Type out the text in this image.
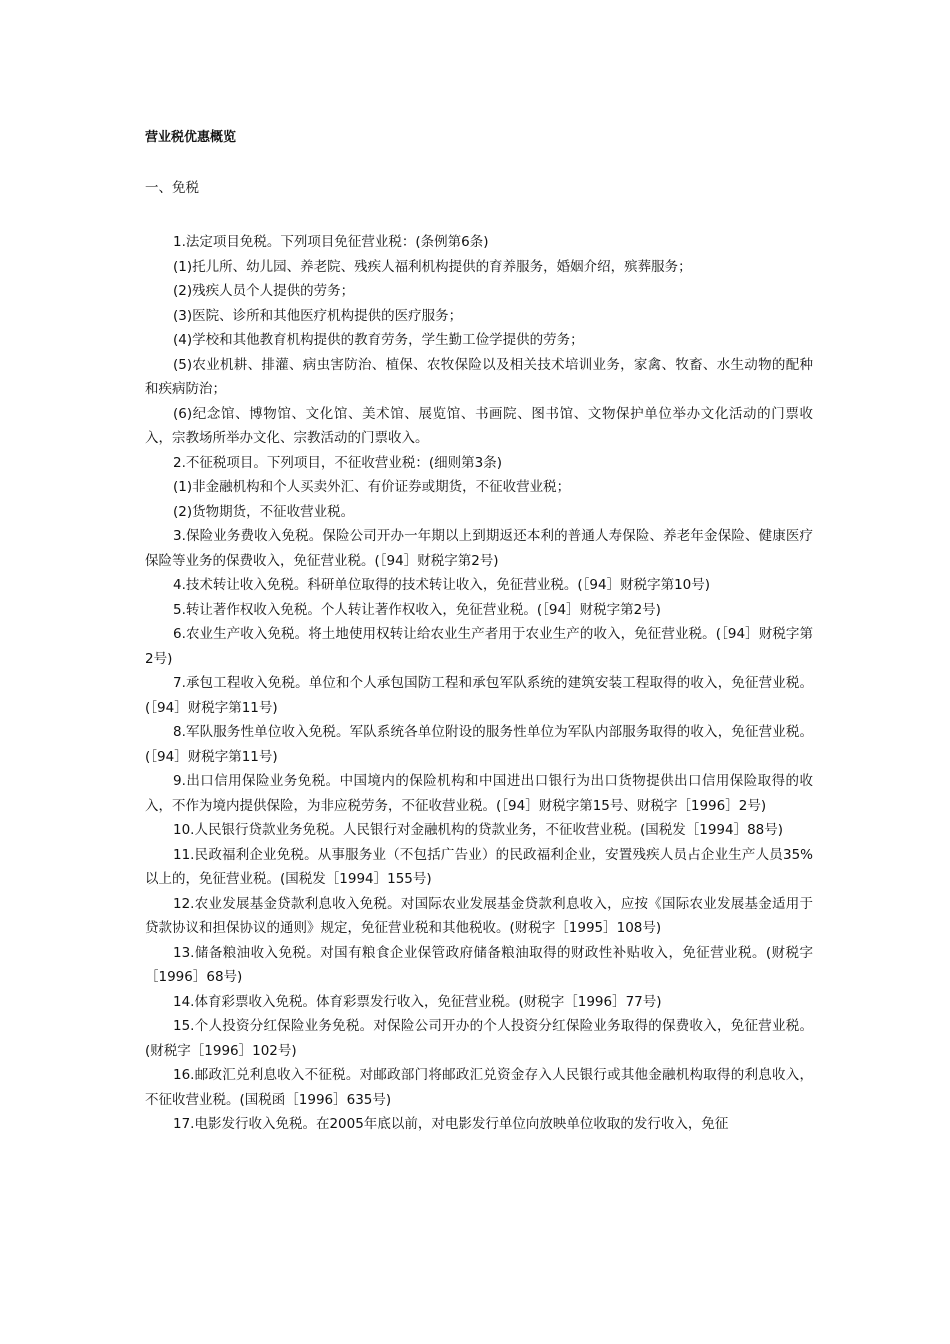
营业税优惠概览

一、免税

1.法定项目免税。下列项目免征营业税：(条例第6条)

(1)托儿所、幼儿园、养老院、残疾人福利机构提供的育养服务，婚姻介绍，殡葬服务；

(2)残疾人员个人提供的劳务；

(3)医院、诊所和其他医疗机构提供的医疗服务；

(4)学校和其他教育机构提供的教育劳务，学生勤工俭学提供的劳务；

(5)农业机耕、排灌、病虫害防治、植保、农牧保险以及相关技术培训业务，家禽、牧畜、水生动物的配种和疾病防治；

(6)纪念馆、博物馆、文化馆、美术馆、展览馆、书画院、图书馆、文物保护单位举办文化活动的门票收入，宗教场所举办文化、宗教活动的门票收入。

2.不征税项目。下列项目，不征收营业税：(细则第3条)

(1)非金融机构和个人买卖外汇、有价证券或期货，不征收营业税；

(2)货物期货，不征收营业税。

3.保险业务费收入免税。保险公司开办一年期以上到期返还本利的普通人寿保险、养老年金保险、健康医疗保险等业务的保费收入，免征营业税。(［94］财税字第2号)

4.技术转让收入免税。科研单位取得的技术转让收入，免征营业税。(［94］财税字第10号)

5.转让著作权收入免税。个人转让著作权收入，免征营业税。(［94］财税字第2号)

6.农业生产收入免税。将土地使用权转让给农业生产者用于农业生产的收入，免征营业税。(［94］财税字第2号)

7.承包工程收入免税。单位和个人承包国防工程和承包军队系统的建筑安装工程取得的收入，免征营业税。(［94］财税字第11号)

8.军队服务性单位收入免税。军队系统各单位附设的服务性单位为军队内部服务取得的收入，免征营业税。(［94］财税字第11号)

9.出口信用保险业务免税。中国境内的保险机构和中国进出口银行为出口货物提供出口信用保险取得的收入，不作为境内提供保险，为非应税劳务，不征收营业税。(［94］财税字第15号、财税字［1996］2号)

10.人民银行贷款业务免税。人民银行对金融机构的贷款业务，不征收营业税。(国税发［1994］88号)

11.民政福利企业免税。从事服务业（不包括广告业）的民政福利企业，安置残疾人员占企业生产人员35%以上的，免征营业税。(国税发［1994］155号)

12.农业发展基金贷款利息收入免税。对国际农业发展基金贷款利息收入，应按《国际农业发展基金适用于贷款协议和担保协议的通则》规定，免征营业税和其他税收。(财税字［1995］108号)

13.储备粮油收入免税。对国有粮食企业保管政府储备粮油取得的财政性补贴收入，免征营业税。(财税字［1996］68号)

14.体育彩票收入免税。体育彩票发行收入，免征营业税。(财税字［1996］77号)

15.个人投资分红保险业务免税。对保险公司开办的个人投资分红保险业务取得的保费收入，免征营业税。(财税字［1996］102号)

16.邮政汇兑利息收入不征税。对邮政部门将邮政汇兑资金存入人民银行或其他金融机构取得的利息收入，不征收营业税。(国税函［1996］635号)

17.电影发行收入免税。在2005年底以前，对电影发行单位向放映单位收取的发行收入，免征
